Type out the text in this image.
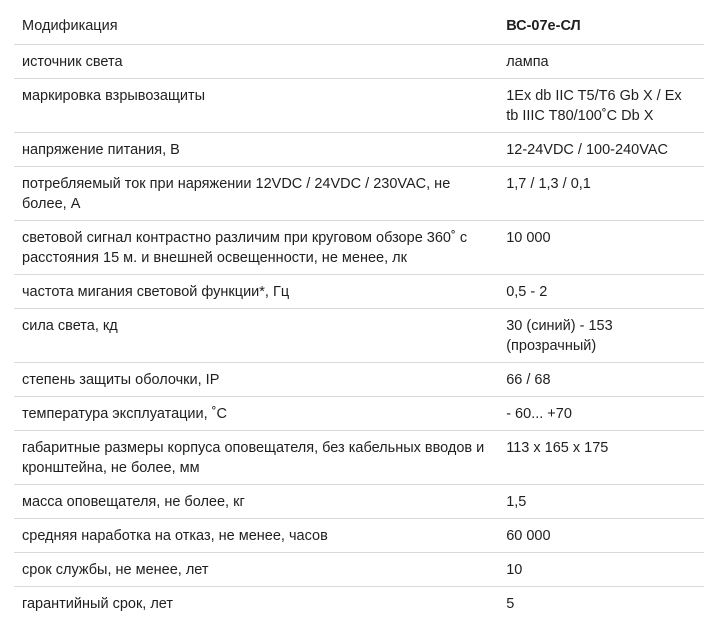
Модификация	ВС-07е-СЛ
источник света	лампа
маркировка взрывозащиты	1Ex db IIC T5/T6 Gb X / Ex tb IIIC T80/100˚C Db X
напряжение питания, В	12-24VDC / 100-240VAC
потребляемый ток при наряжении 12VDC / 24VDC / 230VAC, не более, А	1,7 / 1,3 / 0,1
световой сигнал контрастно различим при круговом обзоре 360˚ с расстояния 15 м. и внешней освещенности, не менее, лк	10 000
частота мигания световой функции*, Гц	0,5 - 2
сила света, кд	30 (синий) - 153 (прозрачный)
степень защиты оболочки, IP	66 / 68
температура эксплуатации, ˚С	- 60... +70
габаритные размеры корпуса оповещателя, без кабельных вводов и кронштейна, не более, мм	113 х 165 х 175
масса оповещателя, не более, кг	1,5
средняя наработка на отказ, не менее, часов	60 000
срок службы, не менее, лет	10
гарантийный срок, лет	5
